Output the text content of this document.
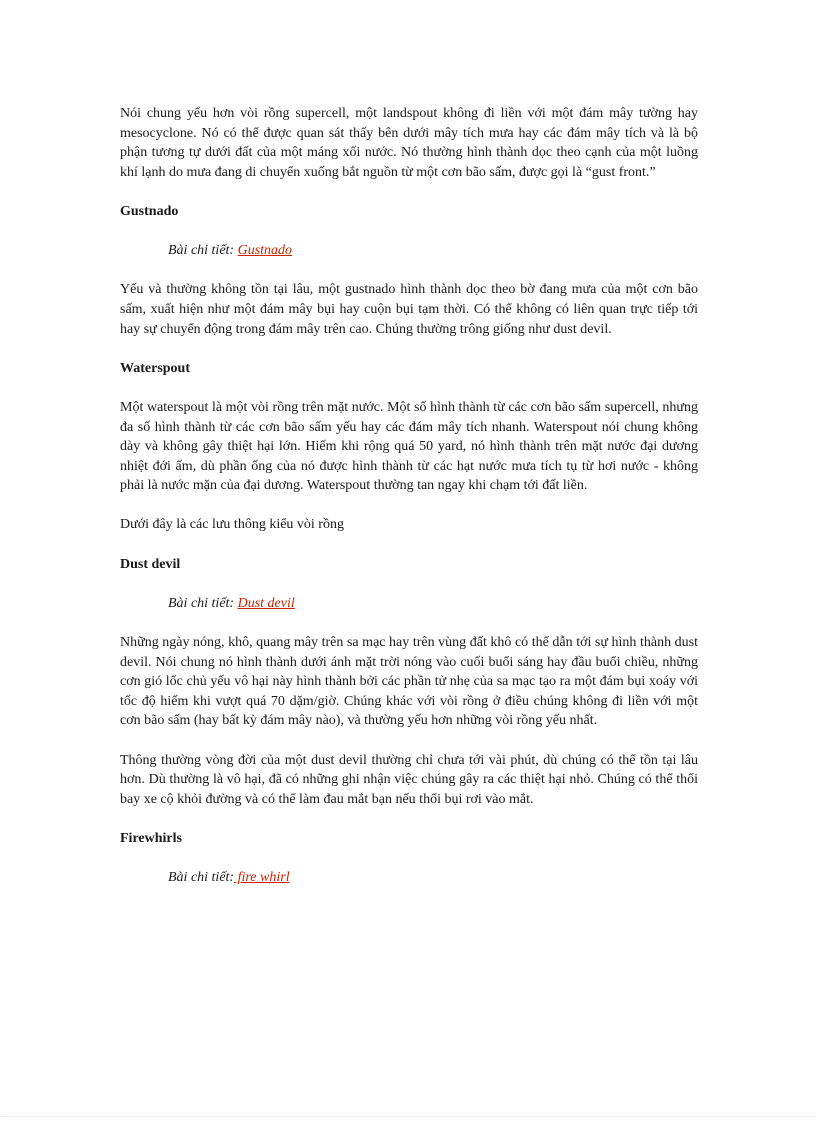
Nói chung yếu hơn vòi rồng supercell, một landspout không đi liền với một đám mây tường hay mesocyclone. Nó có thể được quan sát thấy bên dưới mây tích mưa hay các đám mây tích và là bộ phận tương tự dưới đất của một máng xối nước. Nó thường hình thành dọc theo cạnh của một luồng khí lạnh do mưa đang di chuyển xuống bắt nguồn từ một cơn bão sấm, được gọi là “gust front.”

Gustnado
Bài chi tiết: Gustnado

Yếu và thường không tồn tại lâu, một gustnado hình thành dọc theo bờ đang mưa của một cơn bão sấm, xuất hiện như một đám mây bụi hay cuộn bụi tạm thời. Có thể không có liên quan trực tiếp tới hay sự chuyển động trong đám mây trên cao. Chúng thường trông giống như dust devil.

Waterspout

Một waterspout là một vòi rồng trên mặt nước. Một số hình thành từ các cơn bão sấm supercell, nhưng đa số hình thành từ các cơn bão sấm yếu hay các đám mây tích nhanh. Waterspout nói chung không dày và không gây thiệt hại lớn. Hiếm khi rộng quá 50 yard, nó hình thành trên mặt nước đại dương nhiệt đới ấm, dù phần ống của nó được hình thành từ các hạt nước mưa tích tụ từ hơi nước - không phải là nước mặn của đại dương. Waterspout thường tan ngay khi chạm tới đất liền.

Dưới đây là các lưu thông kiểu vòi rồng

Dust devil
Bài chi tiết: Dust devil

Những ngày nóng, khô, quang mây trên sa mạc hay trên vùng đất khô có thể dẫn tới sự hình thành dust devil. Nói chung nó hình thành dưới ánh mặt trời nóng vào cuối buổi sáng hay đầu buổi chiều, những cơn gió lốc chủ yếu vô hại này hình thành bởi các phần tử nhẹ của sa mạc tạo ra một đám bụi xoáy với tốc độ hiếm khi vượt quá 70 dặm/giờ. Chúng khác với vòi rồng ở điều chúng không đi liền với một cơn bão sấm (hay bất kỳ đám mây nào), và thường yếu hơn những vòi rồng yếu nhất.

Thông thường vòng đời của một dust devil thường chỉ chưa tới vài phút, dù chúng có thể tồn tại lâu hơn. Dù thường là vô hại, đã có những ghi nhận việc chúng gây ra các thiệt hại nhỏ. Chúng có thể thổi bay xe cộ khỏi đường và có thể làm đau mắt bạn nếu thổi bụi rơi vào mắt.

Firewhirls
Bài chi tiết: fire whirl
